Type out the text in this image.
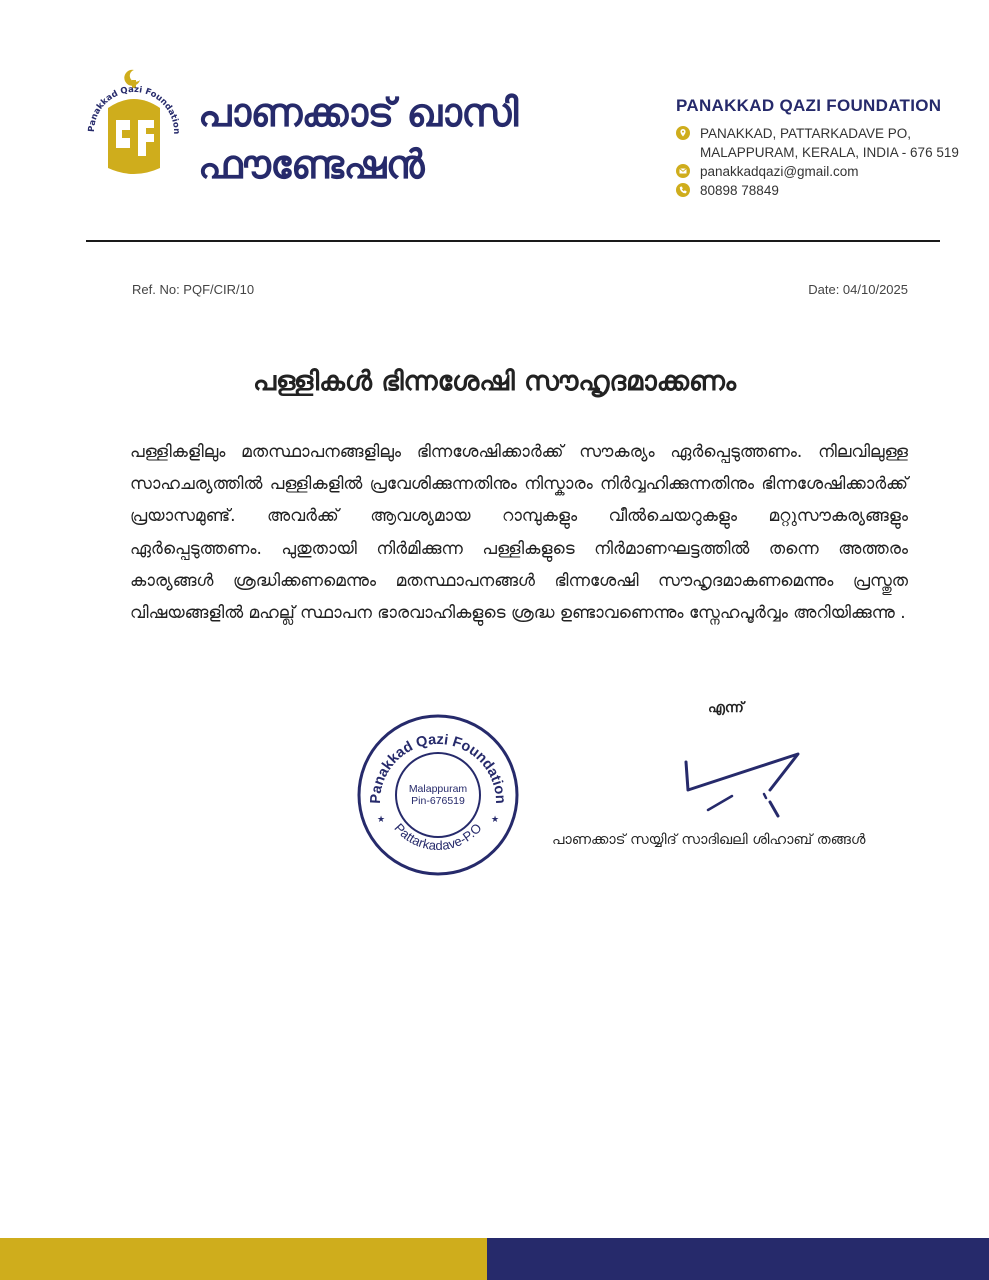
Panakkad Qazi Foundation പാണക്കാട് ഖാസി
ഫൗണ്ടേഷൻ
PANAKKAD QAZI FOUNDATION
PANAKKAD, PATTARKADAVE PO,
MALAPPURAM, KERALA, INDIA - 676 519
panakkadqazi@gmail.com
80898 78849
Ref. No: PQF/CIR/10	Date: 04/10/2025
പള്ളികൾ ഭിന്നശേഷി സൗഹൃദമാക്കണം
പള്ളികളിലും മതസ്ഥാപനങ്ങളിലും ഭിന്നശേഷിക്കാർക്ക് സൗകര്യം ഏർപ്പെടുത്തണം. നിലവിലുള്ള സാഹചര്യത്തിൽ പള്ളികളിൽ പ്രവേശിക്കുന്നതിനും നിസ്കാരം നിർവ്വഹിക്കുന്നതിനും ഭിന്നശേഷിക്കാർക്ക് പ്രയാസമുണ്ട്. അവർക്ക് ആവശ്യമായ റാമ്പുകളും വീൽചെയറുകളും മറ്റുസൗകര്യങ്ങളും ഏർപ്പെടുത്തണം. പുതുതായി നിർമിക്കുന്ന പള്ളികളുടെ നിർമാണഘട്ടത്തിൽ തന്നെ അത്തരം കാര്യങ്ങൾ ശ്രദ്ധിക്കണമെന്നും മതസ്ഥാപനങ്ങൾ ഭിന്നശേഷി സൗഹൃദമാകണമെന്നും പ്രസ്തുത വിഷയങ്ങളിൽ മഹല്ല് സ്ഥാപന ഭാരവാഹികളുടെ ശ്രദ്ധ ഉണ്ടാവണെന്നും സ്നേഹപൂർവ്വം അറിയിക്കുന്നു .
Panakkad Qazi Foundation
Pattarkadave-P.O
Malappuram
Pin-676519
★	★
എന്ന്
പാണക്കാട് സയ്യിദ് സാദിഖലി ശിഹാബ് തങ്ങൾ
